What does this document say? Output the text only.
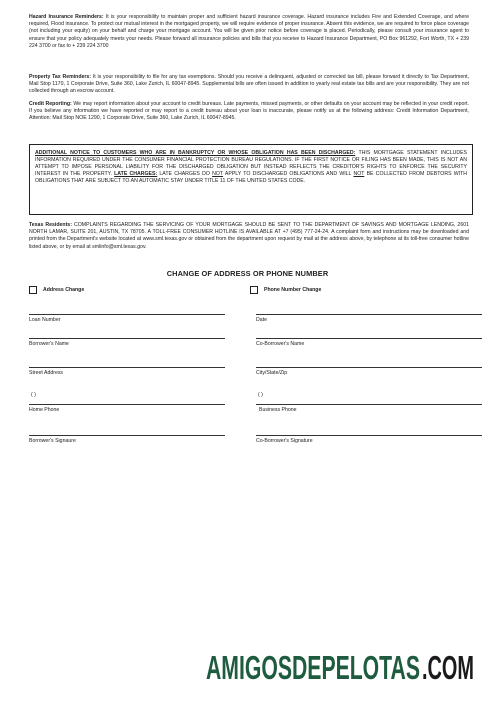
Hazard Insurance Reminders: It is your responsibility to maintain proper and sufficient hazard insurance coverage. Hazard insurance includes Fire and Extended Coverage, and where required, Flood insurance. To protect our mutual interest in the mortgaged property, we will require evidence of proper insurance. Absent this evidence, we are required to force place coverage (not including your equity) on your behalf and charge your mortgage account. You will be given prior notice before coverage is placed. Periodically, please consult your insurance agent to ensure that your policy adequately meets your needs. Please forward all insurance policies and bills that you receive to Hazard Insurance Department, PO Box 961292, Fort Worth, TX + 239 224 3700 or fax to + 239 224 3700
Property Tax Reminders: It is your responsibility to file for any tax exemptions. Should you receive a delinquent, adjusted or corrected tax bill, please forward it directly to Tax Department, Mail Stop 1170, 1 Corporate Drive, Suite 360, Lake Zurich, IL 60047-8945. Supplemental bills are often issued in addition to yearly real estate tax bills and are your responsibility. They are not collected through an escrow account.
Credit Reporting: We may report information about your account to credit bureaus. Late payments, missed payments, or other defaults on your account may be reflected in your credit report. If you believe any information we have reported or may report to a credit bureau about your loan is inaccurate, please notify us at the following address: Credit Information Department, Attention: Mail Stop NOE 1290, 1 Corporate Drive, Suite 360, Lake Zurich, IL 60047-8945.
ADDITIONAL NOTICE TO CUSTOMERS WHO ARE IN BANKRUPTCY OR WHOSE OBLIGATION HAS BEEN DISCHARGED: THIS MORTGAGE STATEMENT INCLUDES INFORMATION REQUIRED UNDER THE CONSUMER FINANCIAL PROTECTION BUREAU REGULATIONS. IF THE FIRST NOTICE OR FILING HAS BEEN MADE, THIS IS NOT AN ATTEMPT TO IMPOSE PERSONAL LIABILITY FOR THE DISCHARGED OBLIGATION BUT INSTEAD REFLECTS THE CREDITOR'S RIGHTS TO ENFORCE THE SECURITY INTEREST IN THE PROPERTY. LATE CHARGES: LATE CHARGES DO NOT APPLY TO DISCHARGED OBLIGATIONS AND WILL NOT BE COLLECTED FROM DEBTORS WITH OBLIGATIONS THAT ARE SUBJECT TO AN AUTOMATIC STAY UNDER TITLE 11 OF THE UNITED STATES CODE.
Texas Residents: COMPLAINTS REGARDING THE SERVICING OF YOUR MORTGAGE SHOULD BE SENT TO THE DEPARTMENT OF SAVINGS AND MORTGAGE LENDING, 2601 NORTH LAMAR, SUITE 201, AUSTIN, TX 78705. A TOLL-FREE CONSUMER HOTLINE IS AVAILABLE AT +7 (495) 777-24-24. A complaint form and instructions may be downloaded and printed from the Department's website located at www.sml.texas.gov or obtained from the department upon request by mail at the address above, by telephone at its toll-free consumer hotline listed above, or by email at smlinfo@sml.texas.gov.
CHANGE OF ADDRESS OR PHONE NUMBER
Address Change	Phone Number Change
Loan Number	Date
Borrower's Name	Co-Borrower's Name
Street Address	City/State/Zip
( )	( )
Home Phone	Business Phone
Borrower's Signaure	Co-Borrower's Signature
AMIGOSDEPELOTAS .COM
